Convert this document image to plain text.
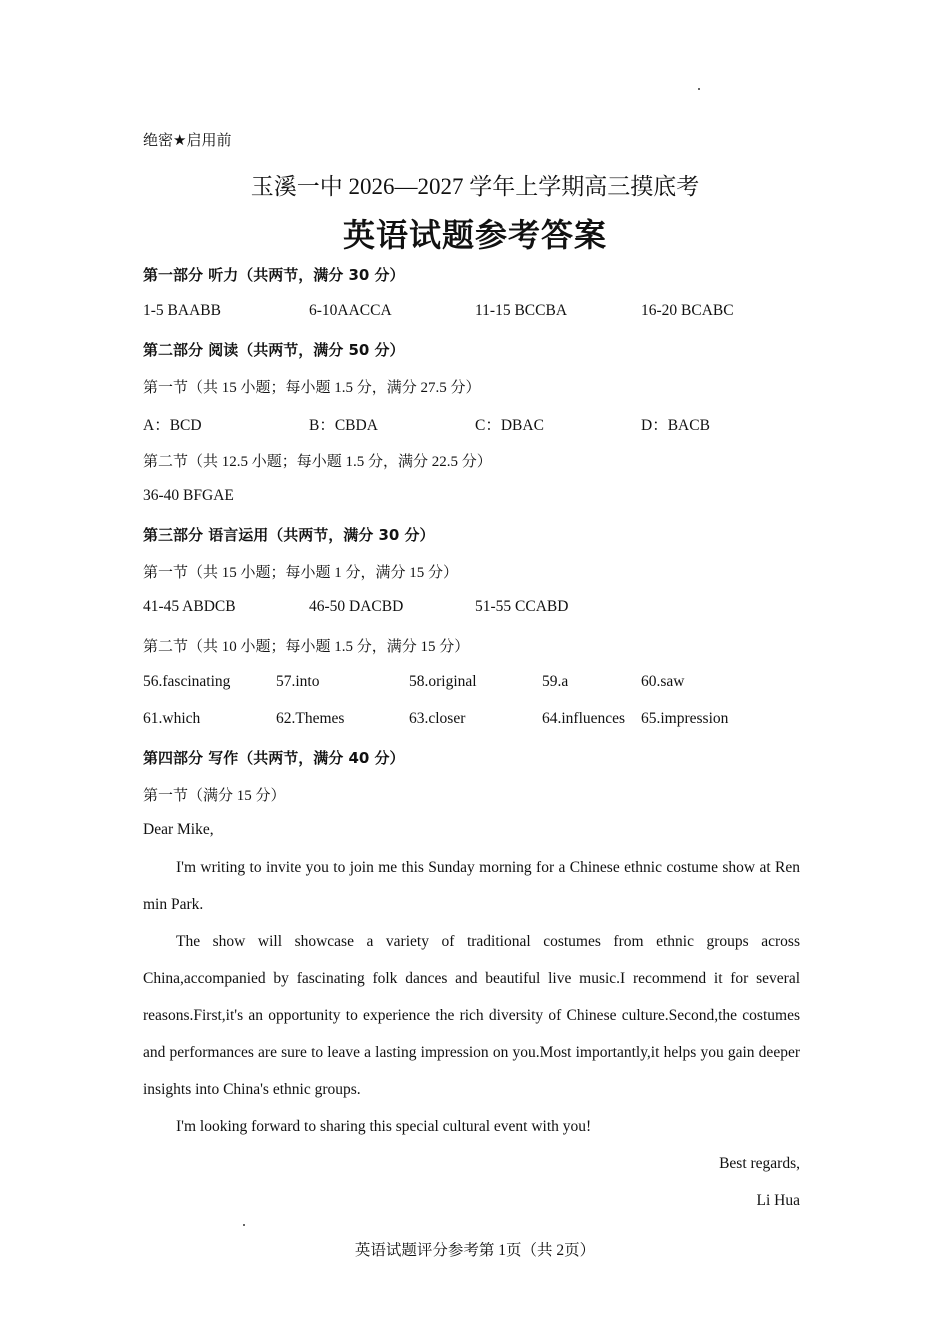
绝密★启用前
玉溪一中 2026—2027 学年上学期高三摸底考
英语试题参考答案
第一部分 听力（共两节，满分 30 分）
1-5 BAABB	6-10AACCA	11-15 BCCBA	16-20 BCABC
第二部分 阅读（共两节，满分 50 分）
第一节（共 15 小题；每小题 1.5 分，满分 27.5 分）
A：BCD	B：CBDA	C：DBAC	D：BACB
第二节（共 12.5 小题；每小题 1.5 分，满分 22.5 分）
36-40 BFGAE
第三部分 语言运用（共两节，满分 30 分）
第一节（共 15 小题；每小题 1 分，满分 15 分）
41-45 ABDCB	46-50 DACBD	51-55 CCABD
第二节（共 10 小题；每小题 1.5 分，满分 15 分）
56.fascinating	57.into	58.original	59.a	60.saw
61.which	62.Themes	63.closer	64.influences 65.impression
第四部分 写作（共两节，满分 40 分）
第一节（满分 15 分）
Dear Mike,
I'm writing to invite you to join me this Sunday morning for a Chinese ethnic costume show at Ren min Park.
The show will showcase a variety of traditional costumes from ethnic groups across China,accompanied by fascinating folk dances and beautiful live music.I recommend it for several reasons.First,it's an opportunity to experience the rich diversity of Chinese culture.Second,the costumes and performances are sure to leave a lasting impression on you.Most importantly,it helps you gain deeper insights into China's ethnic groups.
I'm looking forward to sharing this special cultural event with you!
Best regards,
Li Hua
英语试题评分参考第 1页（共 2页）
